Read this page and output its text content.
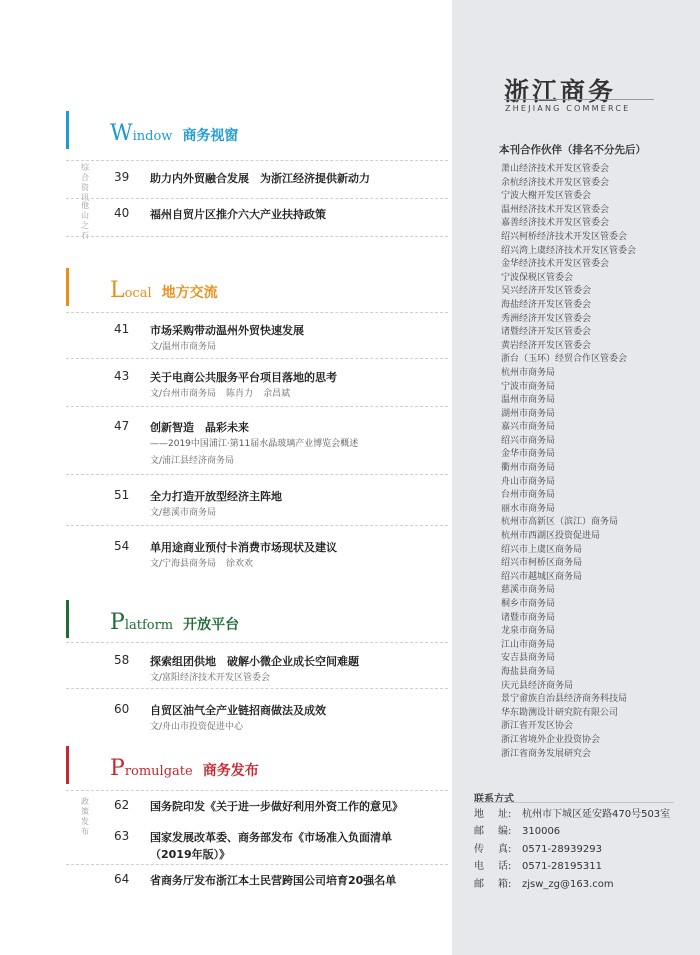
Window 商务视窗
综
合
资
讯
39 助力内外贸融合发展　为浙江经济提供新动力
他
山
之
石
40 福州自贸片区推介六大产业扶持政策
Local 地方交流
41 市场采购带动温州外贸快速发展
文/温州市商务局
43 关于电商公共服务平台项目落地的思考
文/台州市商务局 陈肖力 余昌斌
47 创新智造　晶彩未来
——2019中国浦江·第11届水晶玻璃产业博览会概述
文/浦江县经济商务局
51 全力打造开放型经济主阵地
文/慈溪市商务局
54 单用途商业预付卡消费市场现状及建议
文/宁海县商务局 徐欢欢
Platform 开放平台
58 探索组团供地　破解小微企业成长空间难题
文/富阳经济技术开发区管委会
60 自贸区油气全产业链招商做法及成效
文/舟山市投资促进中心
Promulgate 商务发布
政
策
发
布
62 国务院印发《关于进一步做好利用外资工作的意见》
63 国家发展改革委、商务部发布《市场准入负面清单
（2019年版）》
64 省商务厅发布浙江本土民营跨国公司培育20强名单
浙江商务
ZHEJIANG COMMERCE
本刊合作伙伴（排名不分先后）
萧山经济技术开发区管委会
余杭经济技术开发区管委会
宁波大榭开发区管委会
温州经济技术开发区管委会
嘉善经济技术开发区管委会
绍兴柯桥经济技术开发区管委会
绍兴湾上虞经济技术开发区管委会
金华经济技术开发区管委会
宁波保税区管委会
吴兴经济开发区管委会
海盐经济开发区管委会
秀洲经济开发区管委会
诸暨经济开发区管委会
黄岩经济开发区管委会
浙台（玉环）经贸合作区管委会
杭州市商务局
宁波市商务局
温州市商务局
湖州市商务局
嘉兴市商务局
绍兴市商务局
金华市商务局
衢州市商务局
舟山市商务局
台州市商务局
丽水市商务局
杭州市高新区（滨江）商务局
杭州市西湖区投资促进局
绍兴市上虞区商务局
绍兴市柯桥区商务局
绍兴市越城区商务局
慈溪市商务局
桐乡市商务局
诸暨市商务局
龙泉市商务局
江山市商务局
安吉县商务局
海盐县商务局
庆元县经济商务局
景宁畲族自治县经济商务科技局
华东勘测设计研究院有限公司
浙江省开发区协会
浙江省境外企业投资协会
浙江省商务发展研究会
联系方式
地 址: 杭州市下城区延安路470号503室
邮 编: 310006
传 真: 0571-28939293
电 话: 0571-28195311
邮 箱: zjsw_zg@163.com
